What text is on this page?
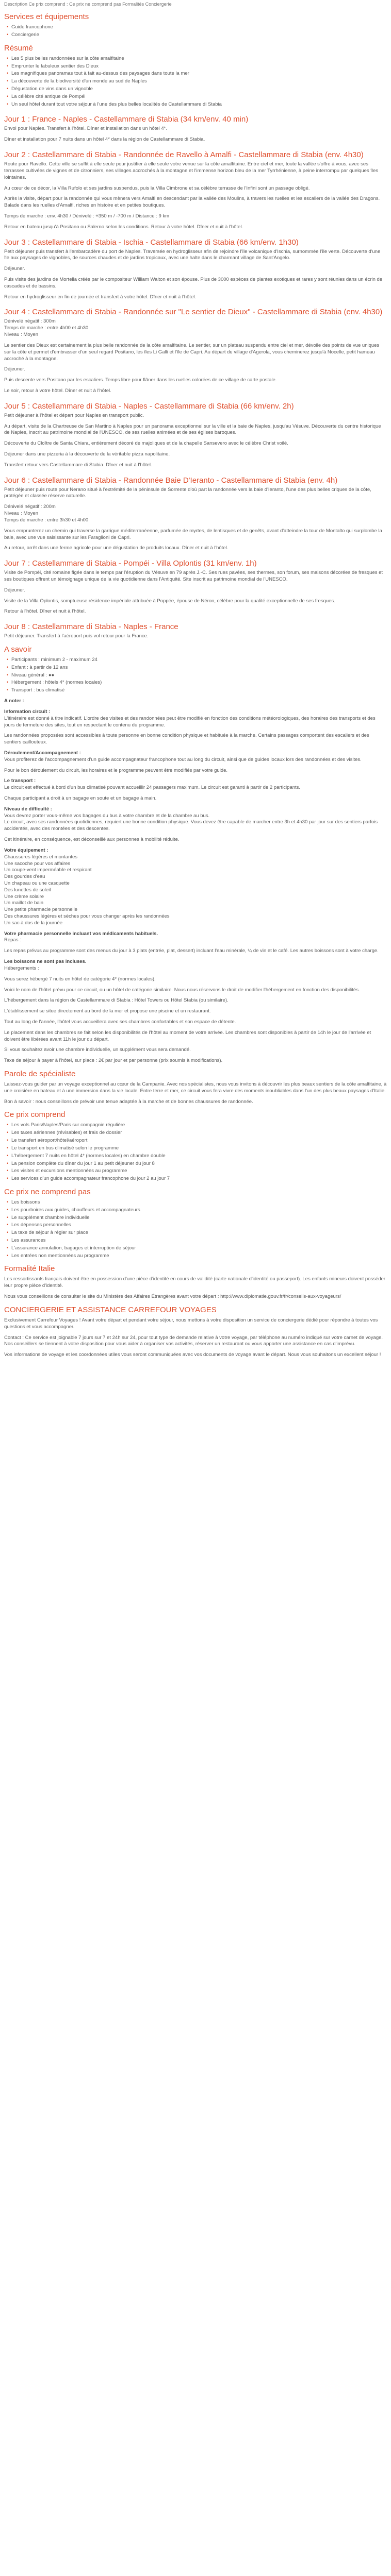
Description Ce prix comprend : Ce prix ne comprend pas Formalités Conciergerie

Services et équipements
• Guide francophone
• Conciergerie
Résumé
• Les 5 plus belles randonnées sur la côte amalfitaine
• Emprunter le fabuleux sentier des Dieux
• Les magnifiques panoramas tout à fait au-dessus des paysages dans toute la mer
• La découverte de la biodiversité d'un monde au sud de Naples
• Dégustation de vins dans un vignoble
• La célèbre cité antique de Pompéi
• Un seul hôtel durant tout votre séjour à l'une des plus belles localités de Castellammare di Stabia
Jour 1 : France - Naples - Castellammare di Stabia (34 km/env. 40 min)

Envol pour Naples. Transfert à l'hôtel. Dîner et installation dans un hôtel 4*.

Dîner et installation pour 7 nuits dans un hôtel 4* dans la région de Castellammare di Stabia.

Jour 2 : Castellammare di Stabia - Randonnée de Ravello à Amalfi - Castellammare di Stabia (env. 4h30)

Route pour Ravello. Cette ville se suffit à elle seule pour justifier à elle seule votre venue sur la côte amalfitaine. Entre ciel et mer, toute la vallée s'offre à vous, avec ses terrasses cultivées de vignes et de citronniers, ses villages accrochés à la montagne et l'immense horizon bleu de la mer Tyrrhénienne, à peine interrompu par quelques îles lointaines.

Au cœur de ce décor, la Villa Rufolo et ses jardins suspendus, puis la Villa Cimbrone et sa célèbre terrasse de l'Infini sont un passage obligé.

Après la visite, départ pour la randonnée qui vous mènera vers Amalfi en descendant par la vallée des Moulins, à travers les ruelles et les escaliers de la vallée des Dragons. Balade dans les ruelles d'Amalfi, riches en histoire et en petites boutiques.

Temps de marche : env. 4h30 / Dénivelé : +350 m / -700 m / Distance : 9 km

Retour en bateau jusqu'à Positano ou Salerno selon les conditions. Retour à votre hôtel. Dîner et nuit à l'hôtel.

Jour 3 : Castellammare di Stabia - Ischia - Castellammare di Stabia (66 km/env. 1h30)

Petit déjeuner puis transfert à l'embarcadère du port de Naples. Traversée en hydroglisseur afin de rejoindre l'île volcanique d'Ischia, surnommée l'île verte. Découverte d'une île aux paysages de vignobles, de sources chaudes et de jardins tropicaux, avec une halte dans le charmant village de Sant'Angelo.

Déjeuner.

Puis visite des jardins de Mortella créés par le compositeur William Walton et son épouse. Plus de 3000 espèces de plantes exotiques et rares y sont réunies dans un écrin de cascades et de bassins.

Retour en hydroglisseur en fin de journée et transfert à votre hôtel. Dîner et nuit à l'hôtel.

Jour 4 : Castellammare di Stabia - Randonnée sur "Le sentier de Dieux" - Castellammare di Stabia (env. 4h30)

Dénivelé négatif : 300m

Temps de marche : entre 4h00 et 4h30

Niveau : Moyen

Le sentier des Dieux est certainement la plus belle randonnée de la côte amalfitaine. Le sentier, sur un plateau suspendu entre ciel et mer, dévoile des points de vue uniques sur la côte et permet d'embrasser d'un seul regard Positano, les îles Li Galli et l'île de Capri. Au départ du village d'Agerola, vous cheminerez jusqu'à Nocelle, petit hameau accroché à la montagne.

Déjeuner.

Puis descente vers Positano par les escaliers. Temps libre pour flâner dans les ruelles colorées de ce village de carte postale.

Le soir, retour à votre hôtel. Dîner et nuit à l'hôtel.

Jour 5 : Castellammare di Stabia - Naples - Castellammare di Stabia (66 km/env. 2h)

Petit déjeuner à l'hôtel et départ pour Naples en transport public.

Au départ, visite de la Chartreuse de San Martino à Naples pour un panorama exceptionnel sur la ville et la baie de Naples, jusqu'au Vésuve. Découverte du centre historique de Naples, inscrit au patrimoine mondial de l'UNESCO, de ses ruelles animées et de ses églises baroques.

Découverte du Cloître de Santa Chiara, entièrement décoré de majoliques et de la chapelle Sansevero avec le célèbre Christ voilé.

Déjeuner dans une pizzeria à la découverte de la véritable pizza napolitaine.

Transfert retour vers Castellammare di Stabia. Dîner et nuit à l'hôtel.

Jour 6 : Castellammare di Stabia - Randonnée Baie D'Ieranto - Castellammare di Stabia (env. 4h)

Petit déjeuner puis route pour Nerano situé à l'extrémité de la péninsule de Sorrente d'où part la randonnée vers la baie d'Ieranto, l'une des plus belles criques de la côte, protégée et classée réserve naturelle.

Dénivelé négatif : 200m

Niveau : Moyen

Temps de marche : entre 3h30 et 4h00

Vous emprunterez un chemin qui traverse la garrigue méditerranéenne, parfumée de myrtes, de lentisques et de genêts, avant d'atteindre la tour de Montalto qui surplombe la baie, avec une vue saisissante sur les Faraglioni de Capri.

Au retour, arrêt dans une ferme agricole pour une dégustation de produits locaux. Dîner et nuit à l'hôtel.

Jour 7 : Castellammare di Stabia - Pompéi - Villa Oplontis (31 km/env. 1h)

Visite de Pompéi, cité romaine figée dans le temps par l'éruption du Vésuve en 79 après J.-C. Ses rues pavées, ses thermes, son forum, ses maisons décorées de fresques et ses boutiques offrent un témoignage unique de la vie quotidienne dans l'Antiquité. Site inscrit au patrimoine mondial de l'UNESCO.

Déjeuner.

Visite de la Villa Oplontis, somptueuse résidence impériale attribuée à Poppée, épouse de Néron, célèbre pour la qualité exceptionnelle de ses fresques.

Retour à l'hôtel. Dîner et nuit à l'hôtel.

Jour 8 : Castellammare di Stabia - Naples - France

Petit déjeuner. Transfert à l'aéroport puis vol retour pour la France.

A savoir
• Participants : minimum 2 - maximum 24
• Enfant : à partir de 12 ans
• Niveau général : ●●
• Hébergement : hôtels 4* (normes locales)
• Transport : bus climatisé

A noter :

Information circuit :

L'itinéraire est donné à titre indicatif. L'ordre des visites et des randonnées peut être modifié en fonction des conditions météorologiques, des horaires des transports et des jours de fermeture des sites, tout en respectant le contenu du programme.

Les randonnées proposées sont accessibles à toute personne en bonne condition physique et habituée à la marche. Certains passages comportent des escaliers et des sentiers caillouteux.

Déroulement/Accompagnement :

Vous profiterez de l'accompagnement d'un guide accompagnateur francophone tout au long du circuit, ainsi que de guides locaux lors des randonnées et des visites.

Pour le bon déroulement du circuit, les horaires et le programme peuvent être modifiés par votre guide.

Le transport :

Le circuit est effectué à bord d'un bus climatisé pouvant accueillir 24 passagers maximum. Le circuit est garanti à partir de 2 participants.

Chaque participant a droit à un bagage en soute et un bagage à main.

Niveau de difficulté :

Vous devrez porter vous-même vos bagages du bus à votre chambre et de la chambre au bus.

Le circuit, avec ses randonnées quotidiennes, requiert une bonne condition physique. Vous devez être capable de marcher entre 3h et 4h30 par jour sur des sentiers parfois accidentés, avec des montées et des descentes.

Cet itinéraire, en conséquence, est déconseillé aux personnes à mobilité réduite.

Votre équipement :

Chaussures légères et montantes

Une sacoche pour vos affaires

Un coupe-vent imperméable et respirant

Des gourdes d'eau

Un chapeau ou une casquette

Des lunettes de soleil

Une crème solaire

Un maillot de bain

Une petite pharmacie personnelle

Des chaussures légères et sèches pour vous changer après les randonnées

Un sac à dos de la journée

Votre pharmacie personnelle incluant vos médicaments habituels.

Repas :

Les repas prévus au programme sont des menus du jour à 3 plats (entrée, plat, dessert) incluant l'eau minérale, ¼ de vin et le café. Les autres boissons sont à votre charge.

Les boissons ne sont pas incluses.

Hébergements :

Vous serez hébergé 7 nuits en hôtel de catégorie 4* (normes locales).

Voici le nom de l'hôtel prévu pour ce circuit, ou un hôtel de catégorie similaire. Nous nous réservons le droit de modifier l'hébergement en fonction des disponibilités.

L'hébergement dans la région de Castellammare di Stabia : Hôtel Towers ou Hôtel Stabia (ou similaire).

L'établissement se situe directement au bord de la mer et propose une piscine et un restaurant.

Tout au long de l'année, l'hôtel vous accueillera avec ses chambres confortables et son espace de détente.

Le placement dans les chambres se fait selon les disponibilités de l'hôtel au moment de votre arrivée. Les chambres sont disponibles à partir de 14h le jour de l'arrivée et doivent être libérées avant 11h le jour du départ.

Si vous souhaitez avoir une chambre individuelle, un supplément vous sera demandé.

Taxe de séjour à payer à l'hôtel, sur place : 2€ par jour et par personne (prix soumis à modifications).

Parole de spécialiste

Laissez-vous guider par un voyage exceptionnel au cœur de la Campanie. Avec nos spécialistes, nous vous invitons à découvrir les plus beaux sentiers de la côte amalfitaine, à une croisière en bateau et à une immersion dans la vie locale. Entre terre et mer, ce circuit vous fera vivre des moments inoubliables dans l'un des plus beaux paysages d'Italie.

Bon à savoir : nous conseillons de prévoir une tenue adaptée à la marche et de bonnes chaussures de randonnée.

Ce prix comprend
• Les vols Paris/Naples/Paris sur compagnie régulière
• Les taxes aériennes (révisables) et frais de dossier
• Le transfert aéroport/hôtel/aéroport
• Le transport en bus climatisé selon le programme
• L'hébergement 7 nuits en hôtel 4* (normes locales) en chambre double
• La pension complète du dîner du jour 1 au petit déjeuner du jour 8
• Les visites et excursions mentionnées au programme
• Les services d'un guide accompagnateur francophone du jour 2 au jour 7
Ce prix ne comprend pas
• Les boissons
• Les pourboires aux guides, chauffeurs et accompagnateurs
• Le supplément chambre individuelle
• Les dépenses personnelles
• La taxe de séjour à régler sur place
• Les assurances
• L'assurance annulation, bagages et interruption de séjour
• Les entrées non mentionnées au programme
Formalité Italie

Les ressortissants français doivent être en possession d'une pièce d'identité en cours de validité (carte nationale d'identité ou passeport). Les enfants mineurs doivent posséder leur propre pièce d'identité.

Nous vous conseillons de consulter le site du Ministère des Affaires Étrangères avant votre départ : http://www.diplomatie.gouv.fr/fr/conseils-aux-voyageurs/

CONCIERGERIE ET ASSISTANCE CARREFOUR VOYAGES

Exclusivement Carrefour Voyages ! Avant votre départ et pendant votre séjour, nous mettons à votre disposition un service de conciergerie dédié pour répondre à toutes vos questions et vous accompagner.

Contact : Ce service est joignable 7 jours sur 7 et 24h sur 24, pour tout type de demande relative à votre voyage, par téléphone au numéro indiqué sur votre carnet de voyage. Nos conseillers se tiennent à votre disposition pour vous aider à organiser vos activités, réserver un restaurant ou vous apporter une assistance en cas d'imprévu.

Vos informations de voyage et les coordonnées utiles vous seront communiquées avec vos documents de voyage avant le départ. Nous vous souhaitons un excellent séjour !
